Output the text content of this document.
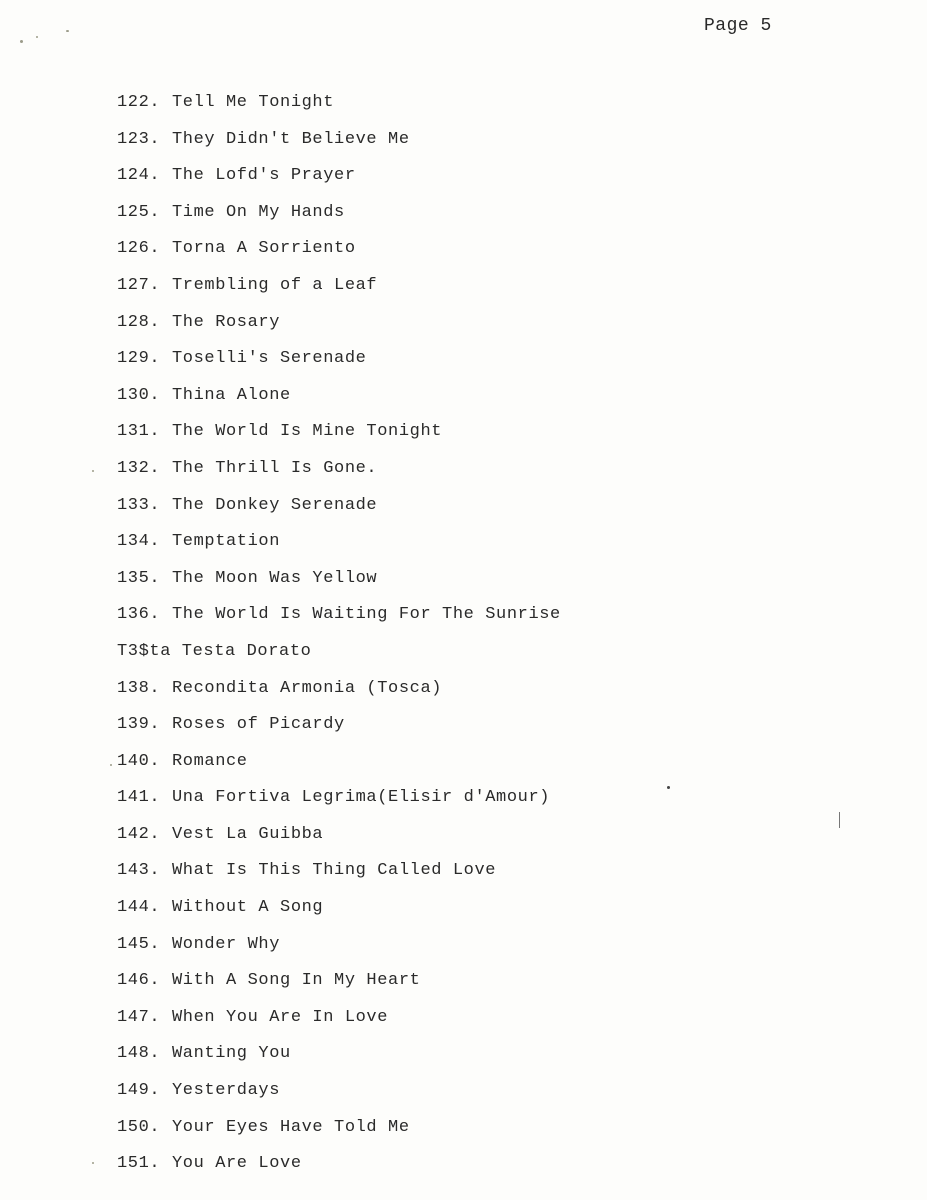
Page 5
122. Tell Me Tonight
123. They Didn't Believe Me
124. The Lofd's Prayer
125. Time On My Hands
126. Torna A Sorriento
127. Trembling of a Leaf
128. The Rosary
129. Toselli's Serenade
130. Thina Alone
131. The World Is Mine Tonight
132. The Thrill Is Gone.
133. The Donkey Serenade
134. Temptation
135. The Moon Was Yellow
136. The World Is Waiting For The Sunrise
T3$ta Testa Dorato
138. Recondita Armonia (Tosca)
139. Roses of Picardy
140. Romance
141. Una Fortiva Legrima(Elisir d'Amour)
142. Vest La Guibba
143. What Is This Thing Called Love
144. Without A Song
145. Wonder Why
146. With A Song In My Heart
147. When You Are In Love
148. Wanting You
149. Yesterdays
150. Your Eyes Have Told Me
151. You Are Love
